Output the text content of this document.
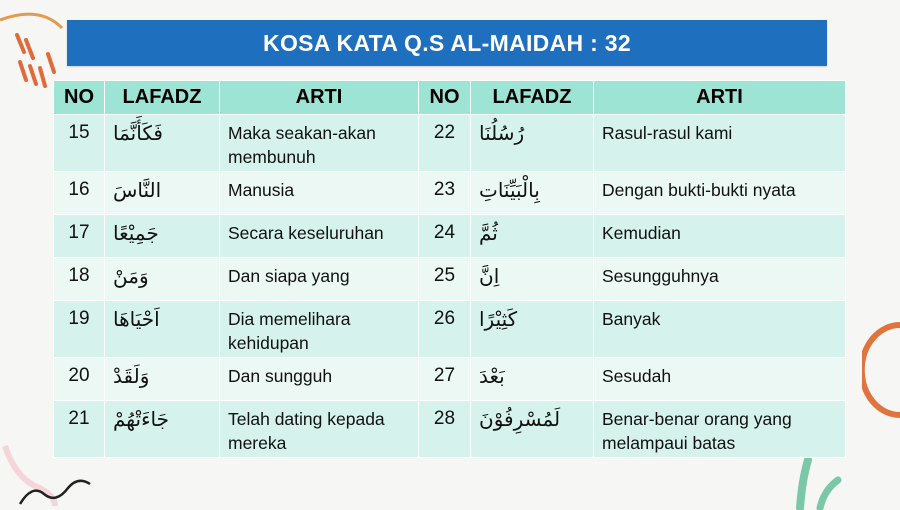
KOSA KATA Q.S AL-MAIDAH : 32
NO	LAFADZ	ARTI	NO	LAFADZ	ARTI
15	فَكَأَنَّمَا	Maka seakan-akan membunuh	22	رُسُلُنَا	Rasul-rasul kami
16	النَّاسَ	Manusia	23	بِالْبَيِّنَاتِ	Dengan bukti-bukti nyata
17	جَمِيْعًا	Secara keseluruhan	24	ثُمَّ	Kemudian
18	وَمَنْ	Dan siapa yang	25	اِنَّ	Sesungguhnya
19	اَحْيَاهَا	Dia memelihara kehidupan	26	كَثِيْرًا	Banyak
20	وَلَقَدْ	Dan sungguh	27	بَعْدَ	Sesudah
21	جَاءَتْهُمْ	Telah dating kepada mereka	28	لَمُسْرِفُوْنَ	Benar-benar orang yang melampaui batas
